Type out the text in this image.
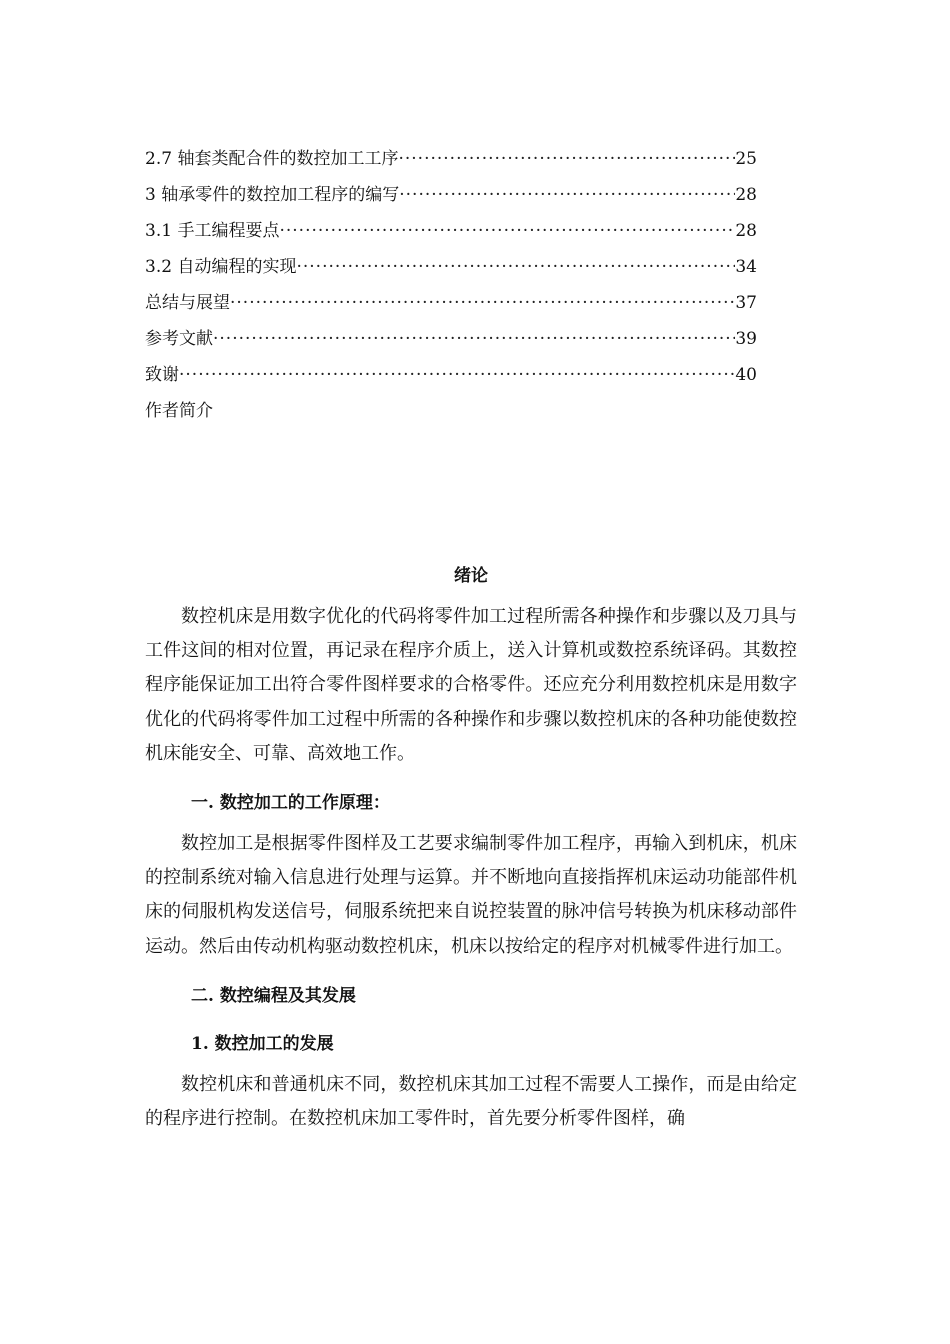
2.7 轴套类配合件的数控加工工序 ·····	25
3 轴承零件的数控加工程序的编写 ·····	28
3.1 手工编程要点 ·····	28
3.2 自动编程的实现 ·····	34
总结与展望 ·····	37
参考文献 ·····	39
致谢 ·····	40
作者简介
绪论

数控机床是用数字优化的代码将零件加工过程所需各种操作和步骤以及刀具与工件这间的相对位置，再记录在程序介质上，送入计算机或数控系统译码。其数控程序能保证加工出符合零件图样要求的合格零件。还应充分利用数控机床是用数字优化的代码将零件加工过程中所需的各种操作和步骤以数控机床的各种功能使数控机床能安全、可靠、高效地工作。

一. 数控加工的工作原理：

数控加工是根据零件图样及工艺要求编制零件加工程序，再输入到机床，机床的控制系统对输入信息进行处理与运算。并不断地向直接指挥机床运动功能部件机床的伺服机构发送信号，伺服系统把来自说控装置的脉冲信号转换为机床移动部件运动。然后由传动机构驱动数控机床，机床以按给定的程序对机械零件进行加工。

二. 数控编程及其发展
1. 数控加工的发展

数控机床和普通机床不同，数控机床其加工过程不需要人工操作，而是由给定的程序进行控制。在数控机床加工零件时，首先要分析零件图样，确
